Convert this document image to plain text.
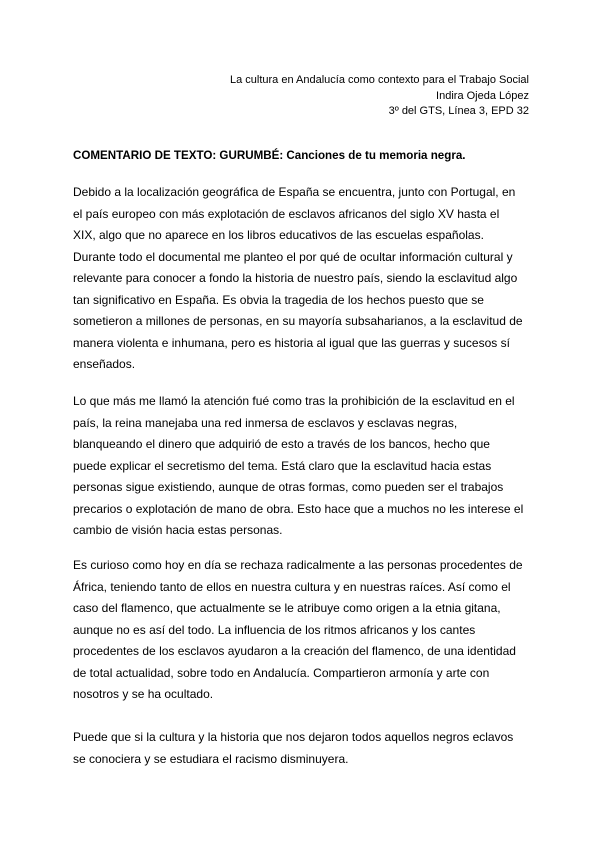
La cultura en Andalucía como contexto para el Trabajo Social
Indira Ojeda López
3º del GTS, Línea 3, EPD 32
COMENTARIO DE TEXTO: GURUMBÉ: Canciones de tu memoria negra.
Debido a la localización geográfica de España se encuentra, junto con Portugal, en
el país europeo con más explotación de esclavos africanos del siglo XV hasta el
XIX, algo que no aparece en los libros educativos de las escuelas españolas.
Durante todo el documental me planteo el por qué de ocultar información cultural y
relevante para conocer a fondo la historia de nuestro país, siendo la esclavitud algo
tan significativo en España. Es obvia la tragedia de los hechos puesto que se
sometieron a millones de personas, en su mayoría subsaharianos, a la esclavitud de
manera violenta e inhumana, pero es historia al igual que las guerras y sucesos sí
enseñados.
Lo que más me llamó la atención fué como tras la prohibición de la esclavitud en el
país, la reina manejaba una red inmersa de esclavos y esclavas negras,
blanqueando el dinero que adquirió de esto a través de los bancos, hecho que
puede explicar el secretismo del tema. Está claro que la esclavitud hacia estas
personas sigue existiendo, aunque de otras formas, como pueden ser el trabajos
precarios o explotación de mano de obra. Esto hace que a muchos no les interese el
cambio de visión hacia estas personas.
Es curioso como hoy en día se rechaza radicalmente a las personas procedentes de
África, teniendo tanto de ellos en nuestra cultura y en nuestras raíces. Así como el
caso del flamenco, que actualmente se le atribuye como origen a la etnia gitana,
aunque no es así del todo. La influencia de los ritmos africanos y los cantes
procedentes de los esclavos ayudaron a la creación del flamenco, de una identidad
de total actualidad, sobre todo en Andalucía. Compartieron armonía y arte con
nosotros y se ha ocultado.
Puede que si la cultura y la historia que nos dejaron todos aquellos negros eclavos
se conociera y se estudiara el racismo disminuyera.
